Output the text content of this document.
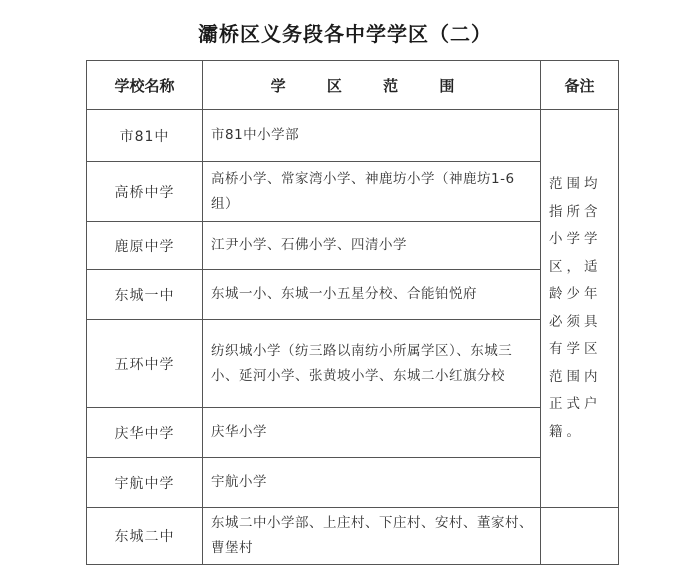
灞桥区义务段各中学学区（二）
学校名称	学 区 范 围	备注
市81中	市81中小学部	范围均指所含小学学区，适龄少年必须具有学区范围内正式户籍。
高桥中学	高桥小学、常家湾小学、神鹿坊小学（神鹿坊1-6组）	
鹿原中学	江尹小学、石佛小学、四清小学	
东城一中	东城一小、东城一小五星分校、合能铂悦府	
五环中学	纺织城小学（纺三路以南纺小所属学区）、东城三小、延河小学、张黄坡小学、东城二小红旗分校	
庆华中学	庆华小学	
宇航中学	宇航小学	
东城二中	东城二中小学部、上庄村、下庄村、安村、董家村、曹堡村	
